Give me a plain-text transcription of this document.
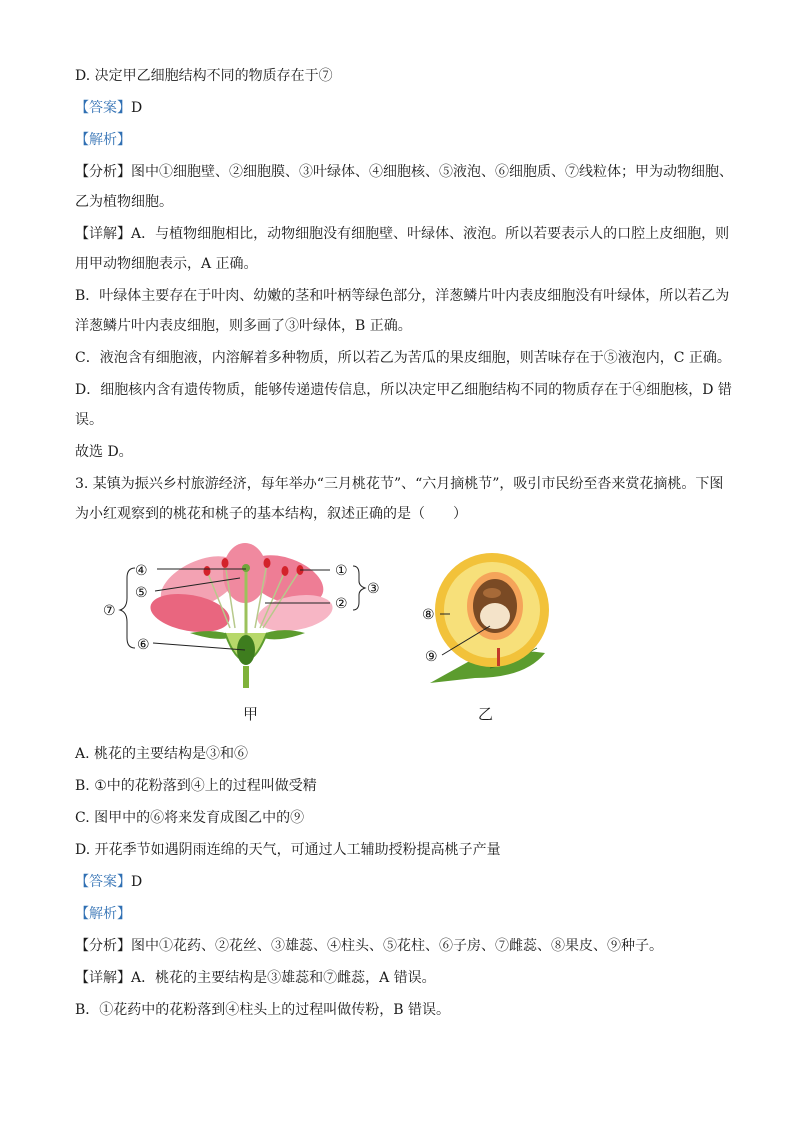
D. 决定甲乙细胞结构不同的物质存在于⑦
【答案】D
【解析】
【分析】图中①细胞壁、②细胞膜、③叶绿体、④细胞核、⑤液泡、⑥细胞质、⑦线粒体；甲为动物细胞、
乙为植物细胞。
【详解】A．与植物细胞相比，动物细胞没有细胞壁、叶绿体、液泡。所以若要表示人的口腔上皮细胞，则
用甲动物细胞表示，A 正确。
B．叶绿体主要存在于叶肉、幼嫩的茎和叶柄等绿色部分，洋葱鳞片叶内表皮细胞没有叶绿体，所以若乙为
洋葱鳞片叶内表皮细胞，则多画了③叶绿体，B 正确。
C．液泡含有细胞液，内溶解着多种物质，所以若乙为苦瓜的果皮细胞，则苦味存在于⑤液泡内，C 正确。
D．细胞核内含有遗传物质，能够传递遗传信息，所以决定甲乙细胞结构不同的物质存在于④细胞核，D 错
误。
故选 D。
3. 某镇为振兴乡村旅游经济，每年举办“三月桃花节”、“六月摘桃节”，吸引市民纷至沓来赏花摘桃。下图
为小红观察到的桃花和桃子的基本结构，叙述正确的是（　　）
④
⑤
⑦
⑥
①
②
③
⑧
⑨
甲	乙
A. 桃花的主要结构是③和⑥
B. ①中的花粉落到④上的过程叫做受精
C. 图甲中的⑥将来发育成图乙中的⑨
D. 开花季节如遇阴雨连绵的天气，可通过人工辅助授粉提高桃子产量
【答案】D
【解析】
【分析】图中①花药、②花丝、③雄蕊、④柱头、⑤花柱、⑥子房、⑦雌蕊、⑧果皮、⑨种子。
【详解】A．桃花的主要结构是③雄蕊和⑦雌蕊，A 错误。
B．①花药中的花粉落到④柱头上的过程叫做传粉，B 错误。
